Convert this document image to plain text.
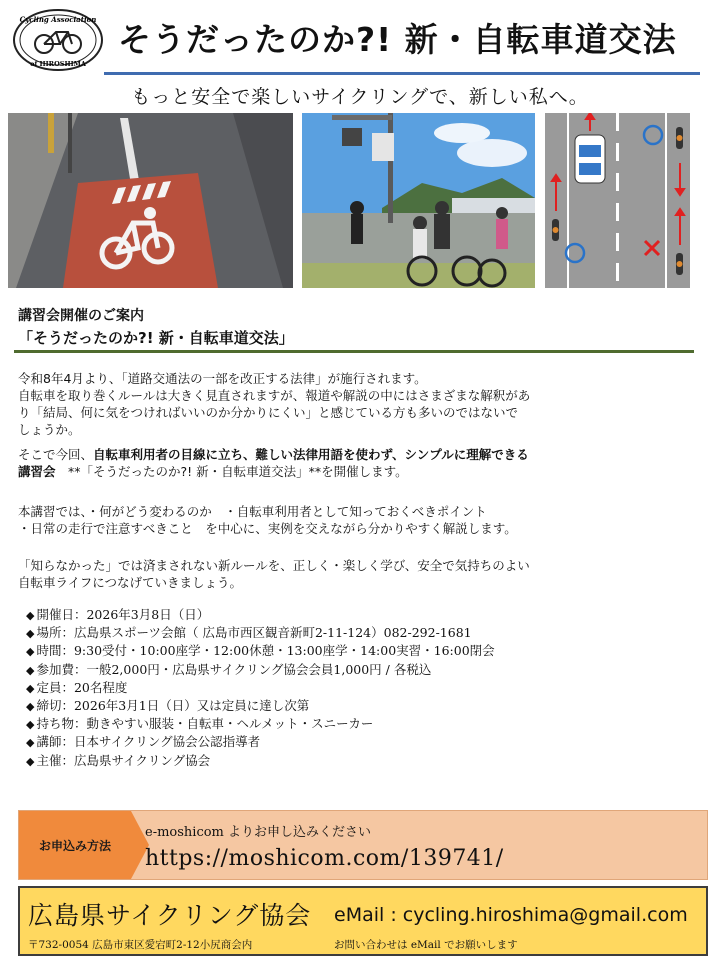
Cycling Association
of HIROSHIMA
そうだったのか?! 新・自転車道交法
もっと安全で楽しいサイクリングで、新しい私へ。
講習会開催のご案内
「そうだったのか?! 新・自転車道交法」
令和8年4月より、「道路交通法の一部を改正する法律」が施行されます。
自転車を取り巻くルールは大きく見直されますが、報道や解説の中にはさまざまな解釈があ
り「結局、何に気をつければいいのか分かりにくい」と感じている方も多いのではないで
しょうか。
そこで今回、自転車利用者の目線に立ち、難しい法律用語を使わず、シンプルに理解できる
講習会　**「そうだったのか?! 新・自転車道交法」**を開催します。
本講習では、・何がどう変わるのか　・自転車利用者として知っておくべきポイント
・日常の走行で注意すべきこと　を中心に、実例を交えながら分かりやすく解説します。
「知らなかった」では済まされない新ルールを、正しく・楽しく学び、安全で気持ちのよい
自転車ライフにつなげていきましょう。
◆ 開催日：2026年3月8日（日）
◆ 場所：広島県スポーツ会館（ 広島市西区観音新町2-11-124）082-292-1681
◆ 時間：9:30受付・10:00座学・12:00休憩・13:00座学・14:00実習・16:00閉会
◆ 参加費：一般2,000円・広島県サイクリング協会会員1,000円 / 各税込
◆ 定員：20名程度
◆ 締切：2026年3月1日（日）又は定員に達し次第
◆ 持ち物：動きやすい服装・自転車・ヘルメット・スニーカー
◆ 講師：日本サイクリング協会公認指導者
◆ 主催：広島県サイクリング協会
お申込み方法
e-moshicom よりお申し込みください
https://moshicom.com/139741/
広島県サイクリング協会 eMail : cycling.hiroshima@gmail.com
〒732-0054 広島市東区愛宕町2-12小尻商会内	お問い合わせは eMail でお願いします
